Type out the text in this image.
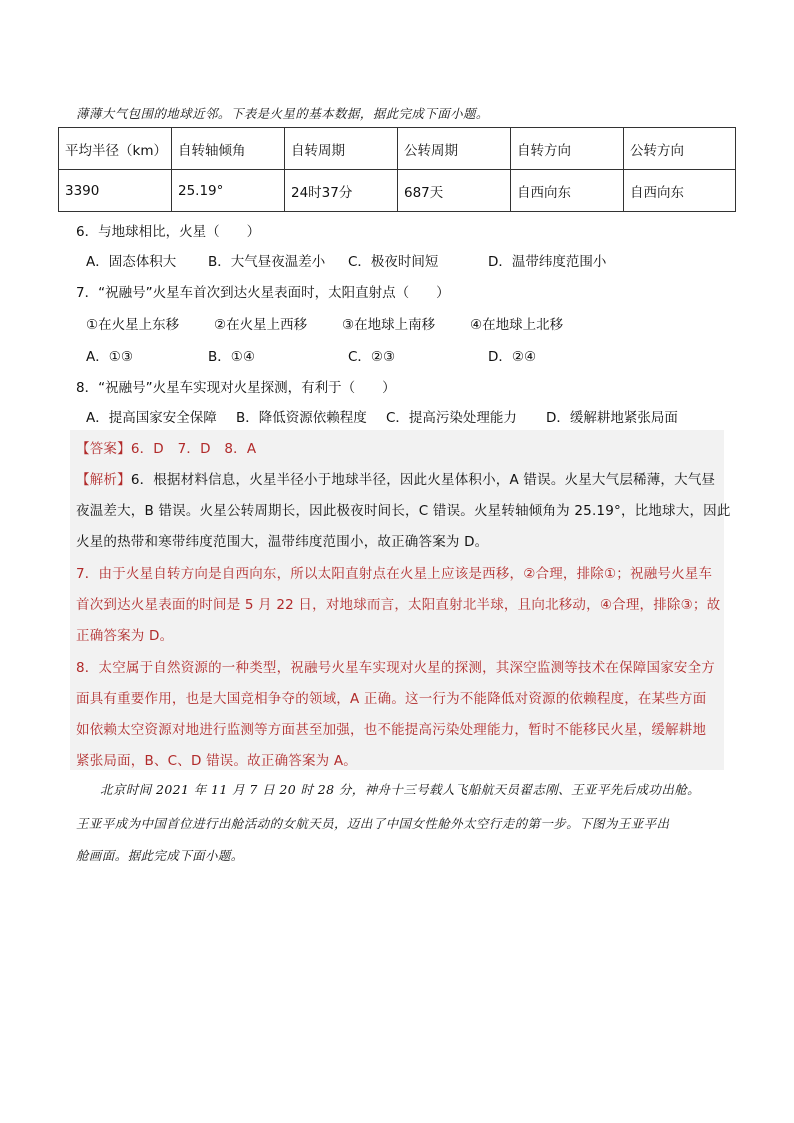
薄薄大气包围的地球近邻。下表是火星的基本数据，据此完成下面小题。
平均半径（km）	自转轴倾角	自转周期	公转周期	自转方向	公转方向
3390	25.19°	24时37分	687天	自西向东	自西向东
6．与地球相比，火星（　　）
A．固态体积大 B．大气昼夜温差小 C．极夜时间短	D．温带纬度范围小
7．“祝融号”火星车首次到达火星表面时，太阳直射点（　　）
①在火星上东移	②在火星上西移	③在地球上南移	④在地球上北移
A．①③	B．①④	C．②③	D．②④
8．“祝融号”火星车实现对火星探测，有利于（　　）
A．提高国家安全保障 B．降低资源依赖程度 C．提高污染处理能力 D．缓解耕地紧张局面
【答案】6．D　7．D　8．A
【解析】6．根据材料信息，火星半径小于地球半径，因此火星体积小，A 错误。火星大气层稀薄，大气昼
夜温差大，B 错误。火星公转周期长，因此极夜时间长，C 错误。火星转轴倾角为 25.19°，比地球大，因此
火星的热带和寒带纬度范围大，温带纬度范围小，故正确答案为 D。
7．由于火星自转方向是自西向东，所以太阳直射点在火星上应该是西移，②合理，排除①；祝融号火星车
首次到达火星表面的时间是 5 月 22 日，对地球而言，太阳直射北半球，且向北移动，④合理，排除③；故
正确答案为 D。
8．太空属于自然资源的一种类型，祝融号火星车实现对火星的探测，其深空监测等技术在保障国家安全方
面具有重要作用，也是大国竞相争夺的领域，A 正确。这一行为不能降低对资源的依赖程度，在某些方面
如依赖太空资源对地进行监测等方面甚至加强，也不能提高污染处理能力，暂时不能移民火星，缓解耕地
紧张局面，B、C、D 错误。故正确答案为 A。
北京时间 2021 年 11 月 7 日 20 时 28 分，神舟十三号载人飞船航天员翟志刚、王亚平先后成功出舱。
王亚平成为中国首位进行出舱活动的女航天员，迈出了中国女性舱外太空行走的第一步。下图为王亚平出
舱画面。据此完成下面小题。
